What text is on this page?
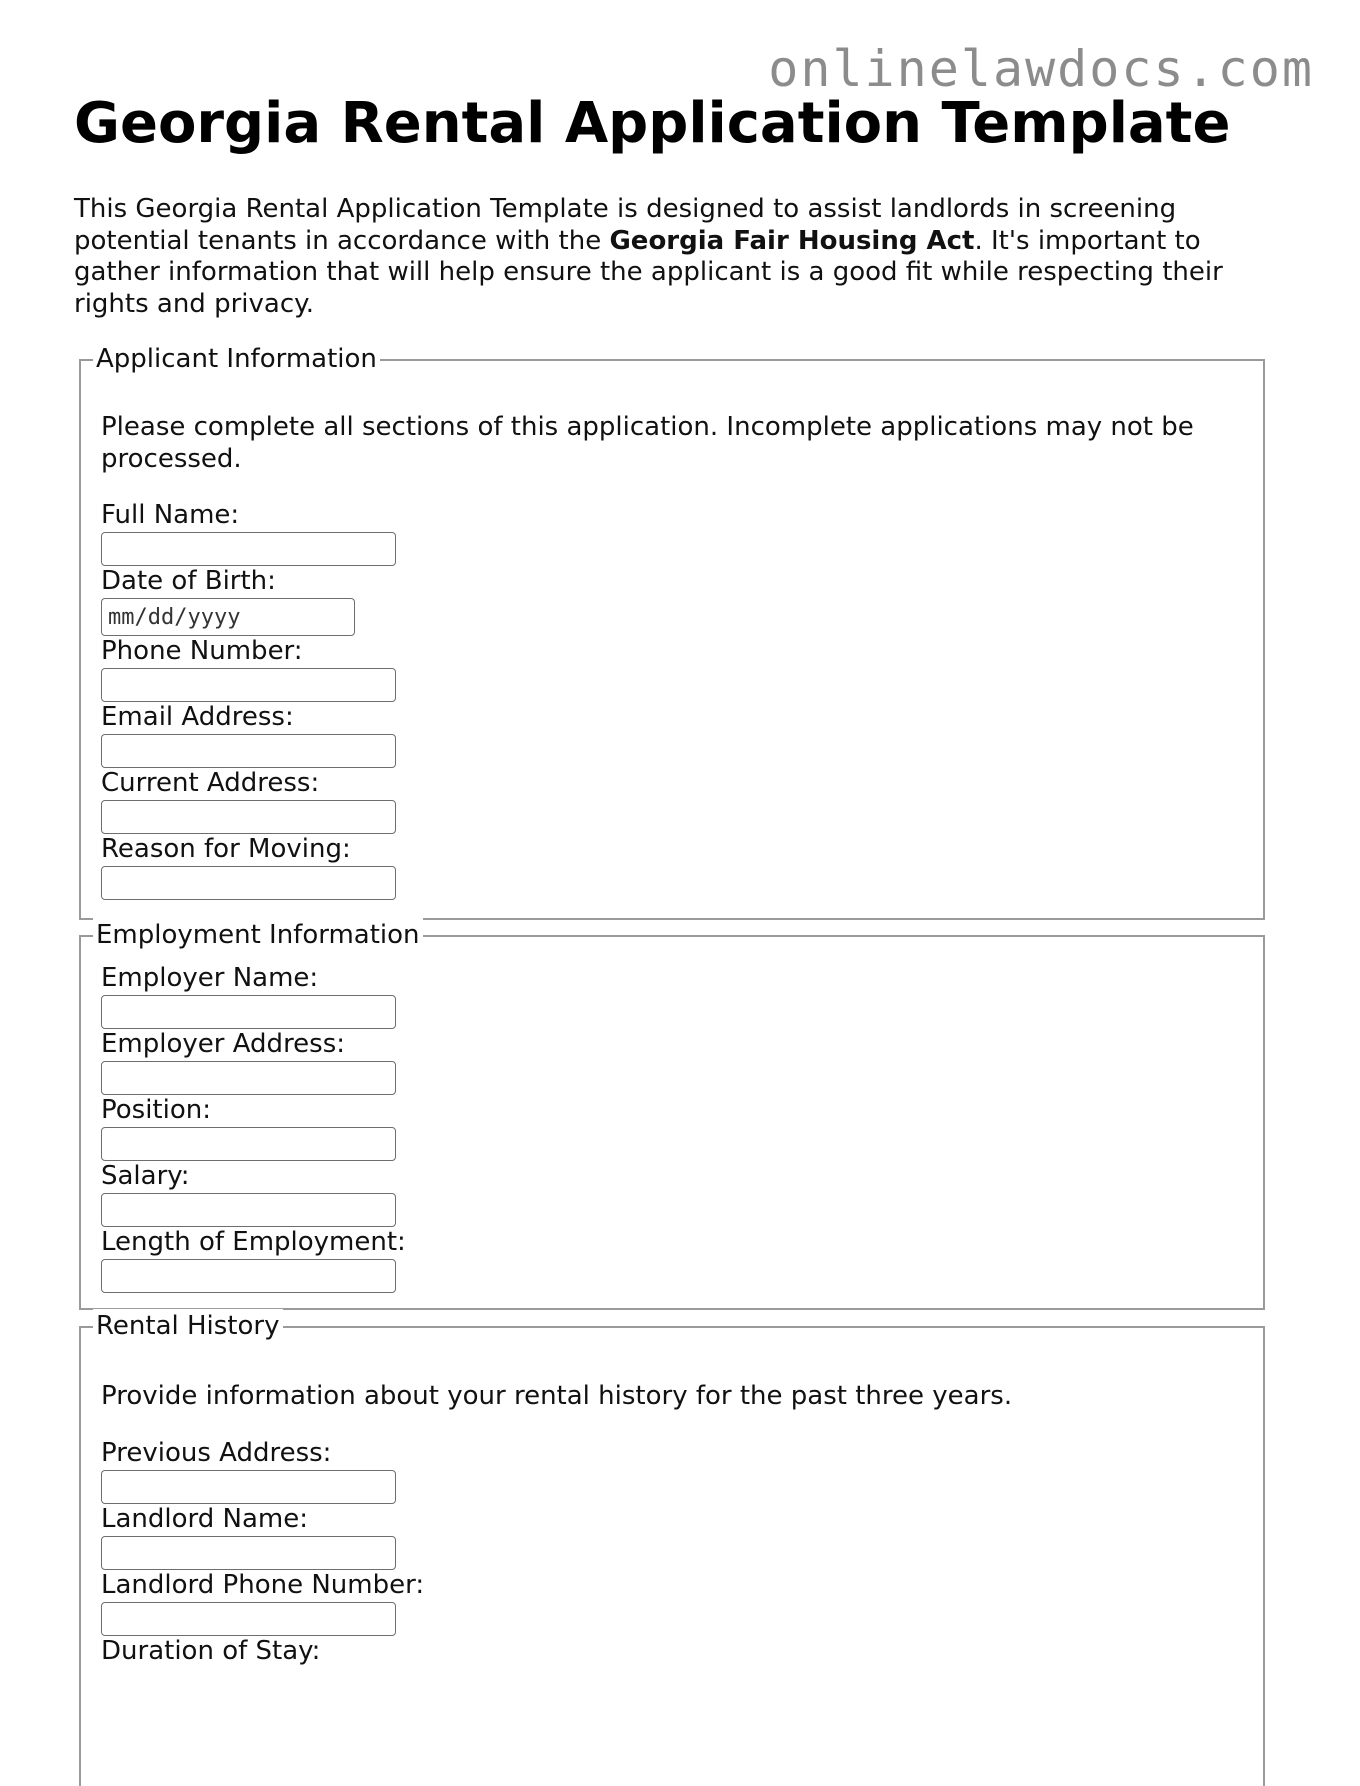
onlinelawdocs.com
Georgia Rental Application Template

This Georgia Rental Application Template is designed to assist landlords in screening potential tenants in accordance with the Georgia Fair Housing Act. It's important to gather information that will help ensure the applicant is a good fit while respecting their rights and privacy.

Applicant Information

Please complete all sections of this application. Incomplete applications may not be processed.

Full Name:
Date of Birth:
mm/dd/yyyy
Phone Number:
Email Address:
Current Address:
Reason for Moving:
Employment Information
Employer Name:
Employer Address:
Position:
Salary:
Length of Employment:
Rental History

Provide information about your rental history for the past three years.

Previous Address:
Landlord Name:
Landlord Phone Number:
Duration of Stay:
